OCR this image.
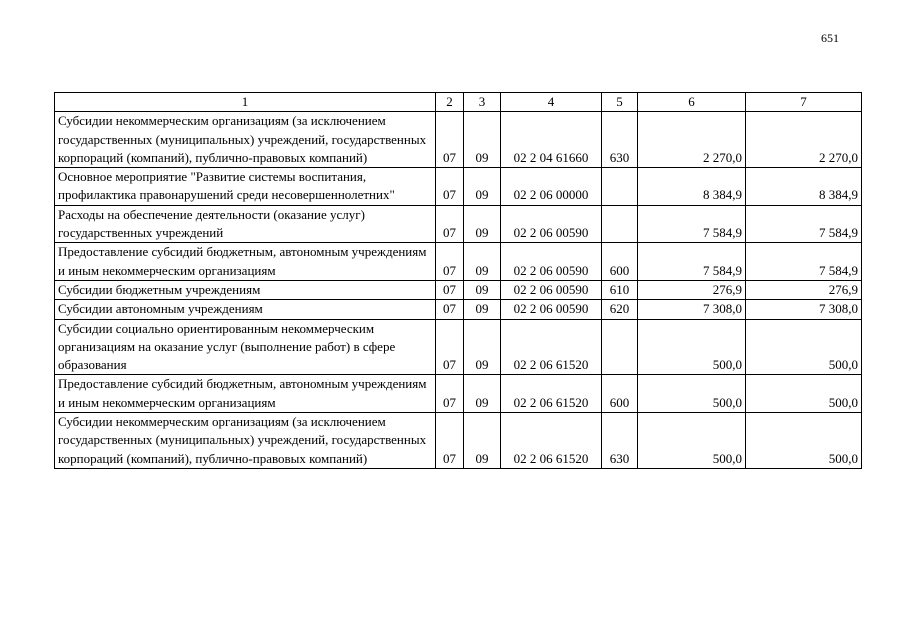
651
1	2	3	4	5	6	7
Субсидии некоммерческим организациям (за исключением государственных (муниципальных) учреждений, государственных корпораций (компаний), публично-правовых компаний)	07	09	02 2 04 61660	630	2 270,0	2 270,0
Основное мероприятие "Развитие системы воспитания, профилактика правонарушений среди несовершеннолетних"	07	09	02 2 06 00000		8 384,9	8 384,9
Расходы на обеспечение деятельности (оказание услуг) государственных учреждений	07	09	02 2 06 00590		7 584,9	7 584,9
Предоставление субсидий бюджетным, автономным учреждениям и иным некоммерческим организациям	07	09	02 2 06 00590	600	7 584,9	7 584,9
Субсидии бюджетным учреждениям	07	09	02 2 06 00590	610	276,9	276,9
Субсидии автономным учреждениям	07	09	02 2 06 00590	620	7 308,0	7 308,0
Субсидии социально ориентированным некоммерческим организациям на оказание услуг (выполнение работ) в сфере образования	07	09	02 2 06 61520		500,0	500,0
Предоставление субсидий бюджетным, автономным учреждениям и иным некоммерческим организациям	07	09	02 2 06 61520	600	500,0	500,0
Субсидии некоммерческим организациям (за исключением государственных (муниципальных) учреждений, государственных корпораций (компаний), публично-правовых компаний)	07	09	02 2 06 61520	630	500,0	500,0
